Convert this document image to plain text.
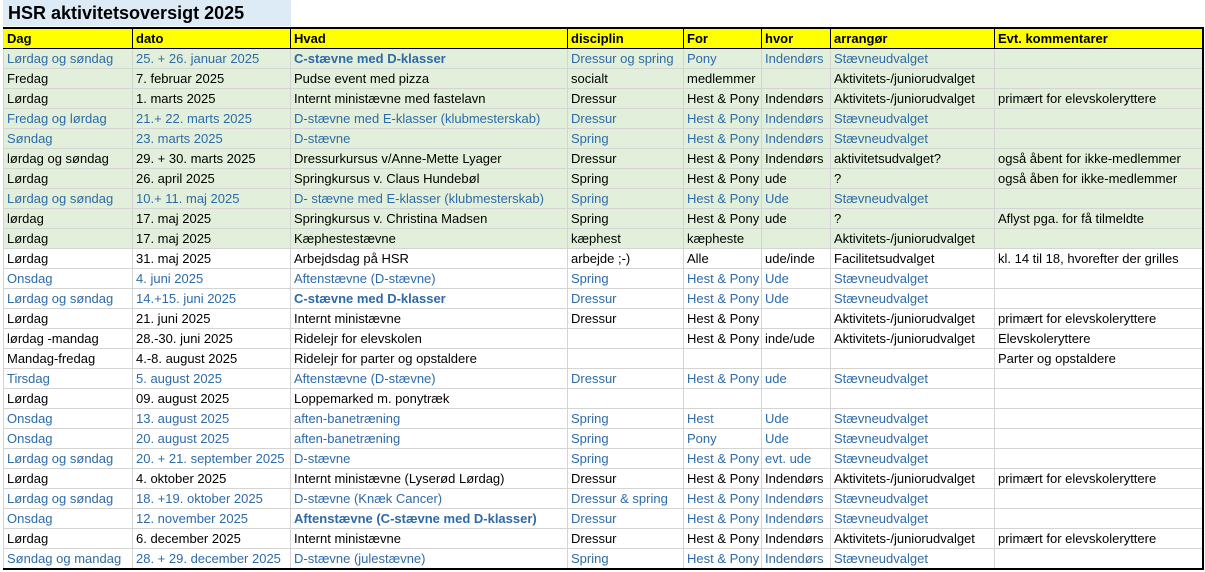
HSR aktivitetsoversigt 2025
Dag	dato	Hvad	disciplin	For	hvor	arrangør	Evt. kommentarer
Lørdag og søndag	25. + 26. januar 2025	C-stævne med D-klasser	Dressur og spring	Pony	Indendørs	Stævneudvalget	
Fredag	7. februar 2025	Pudse event med pizza	socialt	medlemmer		Aktivitets-/juniorudvalget	
Lørdag	1. marts 2025	Internt ministævne med fastelavn	Dressur	Hest & Pony	Indendørs	Aktivitets-/juniorudvalget	primært for elevskoleryttere
Fredag og lørdag	21.+ 22. marts 2025	D-stævne med E-klasser (klubmesterskab)	Dressur	Hest & Pony	Indendørs	Stævneudvalget	
Søndag	23. marts 2025	D-stævne	Spring	Hest & Pony	Indendørs	Stævneudvalget	
lørdag og søndag	29. + 30. marts 2025	Dressurkursus v/Anne-Mette Lyager	Dressur	Hest & Pony	Indendørs	aktivitetsudvalget?	også åbent for ikke-medlemmer
Lørdag	26. april 2025	Springkursus v. Claus Hundebøl	Spring	Hest & Pony	ude	?	også åben for ikke-medlemmer
Lørdag og søndag	10.+ 11. maj 2025	D- stævne med E-klasser (klubmesterskab)	Spring	Hest & Pony	Ude	Stævneudvalget	
lørdag	17. maj 2025	Springkursus v. Christina Madsen	Spring	Hest & Pony	ude	?	Aflyst pga. for få tilmeldte
Lørdag	17. maj 2025	Kæphestestævne	kæphest	kæpheste		Aktivitets-/juniorudvalget	
Lørdag	31. maj 2025	Arbejdsdag på HSR	arbejde ;-)	Alle	ude/inde	Facilitetsudvalget	kl. 14 til 18, hvorefter der grilles
Onsdag	4. juni 2025	Aftenstævne (D-stævne)	Spring	Hest & Pony	Ude	Stævneudvalget	
Lørdag og søndag	14.+15. juni 2025	C-stævne med D-klasser	Dressur	Hest & Pony	Ude	Stævneudvalget	
Lørdag	21. juni 2025	Internt ministævne	Dressur	Hest & Pony		Aktivitets-/juniorudvalget	primært for elevskoleryttere
lørdag -mandag	28.-30. juni 2025	Ridelejr for elevskolen		Hest & Pony	inde/ude	Aktivitets-/juniorudvalget	Elevskoleryttere
Mandag-fredag	4.-8. august 2025	Ridelejr for parter og opstaldere					Parter og opstaldere
Tirsdag	5. august 2025	Aftenstævne (D-stævne)	Dressur	Hest & Pony	ude	Stævneudvalget	
Lørdag	09. august 2025	Loppemarked m. ponytræk					
Onsdag	13. august 2025	aften-banetræning	Spring	Hest	Ude	Stævneudvalget	
Onsdag	20. august 2025	aften-banetræning	Spring	Pony	Ude	Stævneudvalget	
Lørdag og søndag	20. + 21. september 2025	D-stævne	Spring	Hest & Pony	evt. ude	Stævneudvalget	
Lørdag	4. oktober 2025	Internt ministævne (Lyserød Lørdag)	Dressur	Hest & Pony	Indendørs	Aktivitets-/juniorudvalget	primært for elevskoleryttere
Lørdag og søndag	18. +19. oktober 2025	D-stævne (Knæk Cancer)	Dressur & spring	Hest & Pony	Indendørs	Stævneudvalget	
Onsdag	12. november 2025	Aftenstævne (C-stævne med D-klasser)	Dressur	Hest & Pony	Indendørs	Stævneudvalget	
Lørdag	6. december 2025	Internt ministævne	Dressur	Hest & Pony	Indendørs	Aktivitets-/juniorudvalget	primært for elevskoleryttere
Søndag og mandag	28. + 29. december 2025	D-stævne (julestævne)	Spring	Hest & Pony	Indendørs	Stævneudvalget	
